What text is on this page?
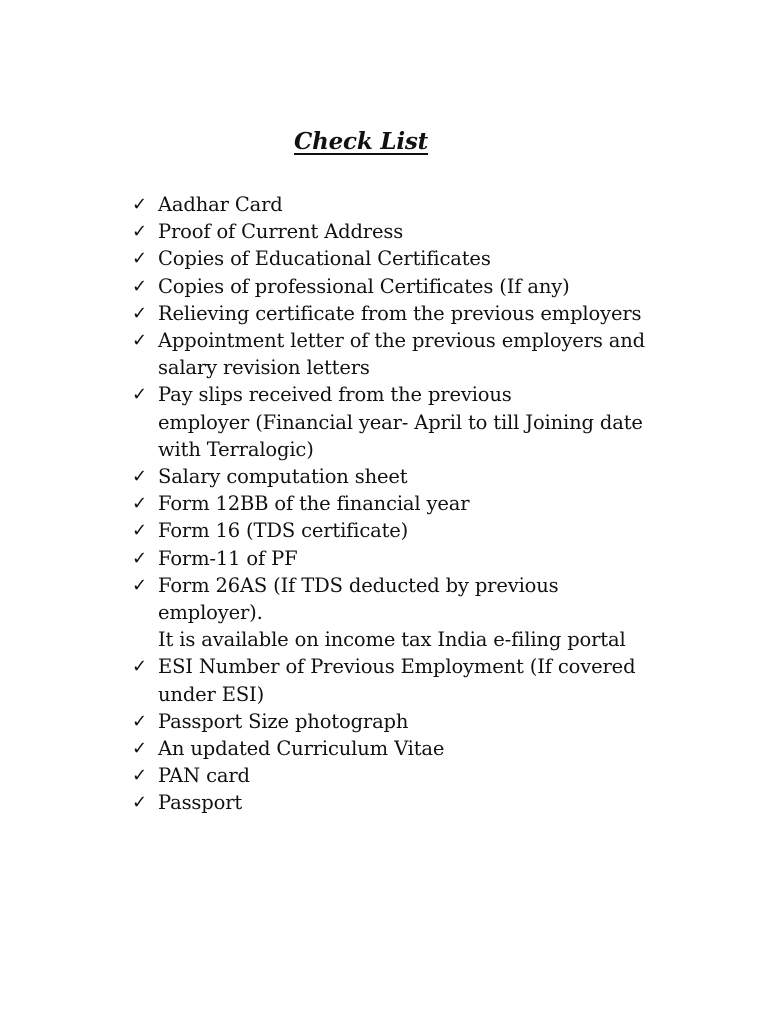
Check List
✓ Aadhar Card
✓ Proof of Current Address
✓ Copies of Educational Certificates
✓ Copies of professional Certificates (If any)
✓ Relieving certificate from the previous employers
✓ Appointment letter of the previous employers and
salary revision letters
✓ Pay slips received from the previous
employer (Financial year- April to till Joining date
with Terralogic)
✓ Salary computation sheet
✓ Form 12BB of the financial year
✓ Form 16 (TDS certificate)
✓ Form-11 of PF
✓ Form 26AS (If TDS deducted by previous
employer).
It is available on income tax India e-filing portal
✓ ESI Number of Previous Employment (If covered
under ESI)
✓ Passport Size photograph
✓ An updated Curriculum Vitae
✓ PAN card
✓ Passport
